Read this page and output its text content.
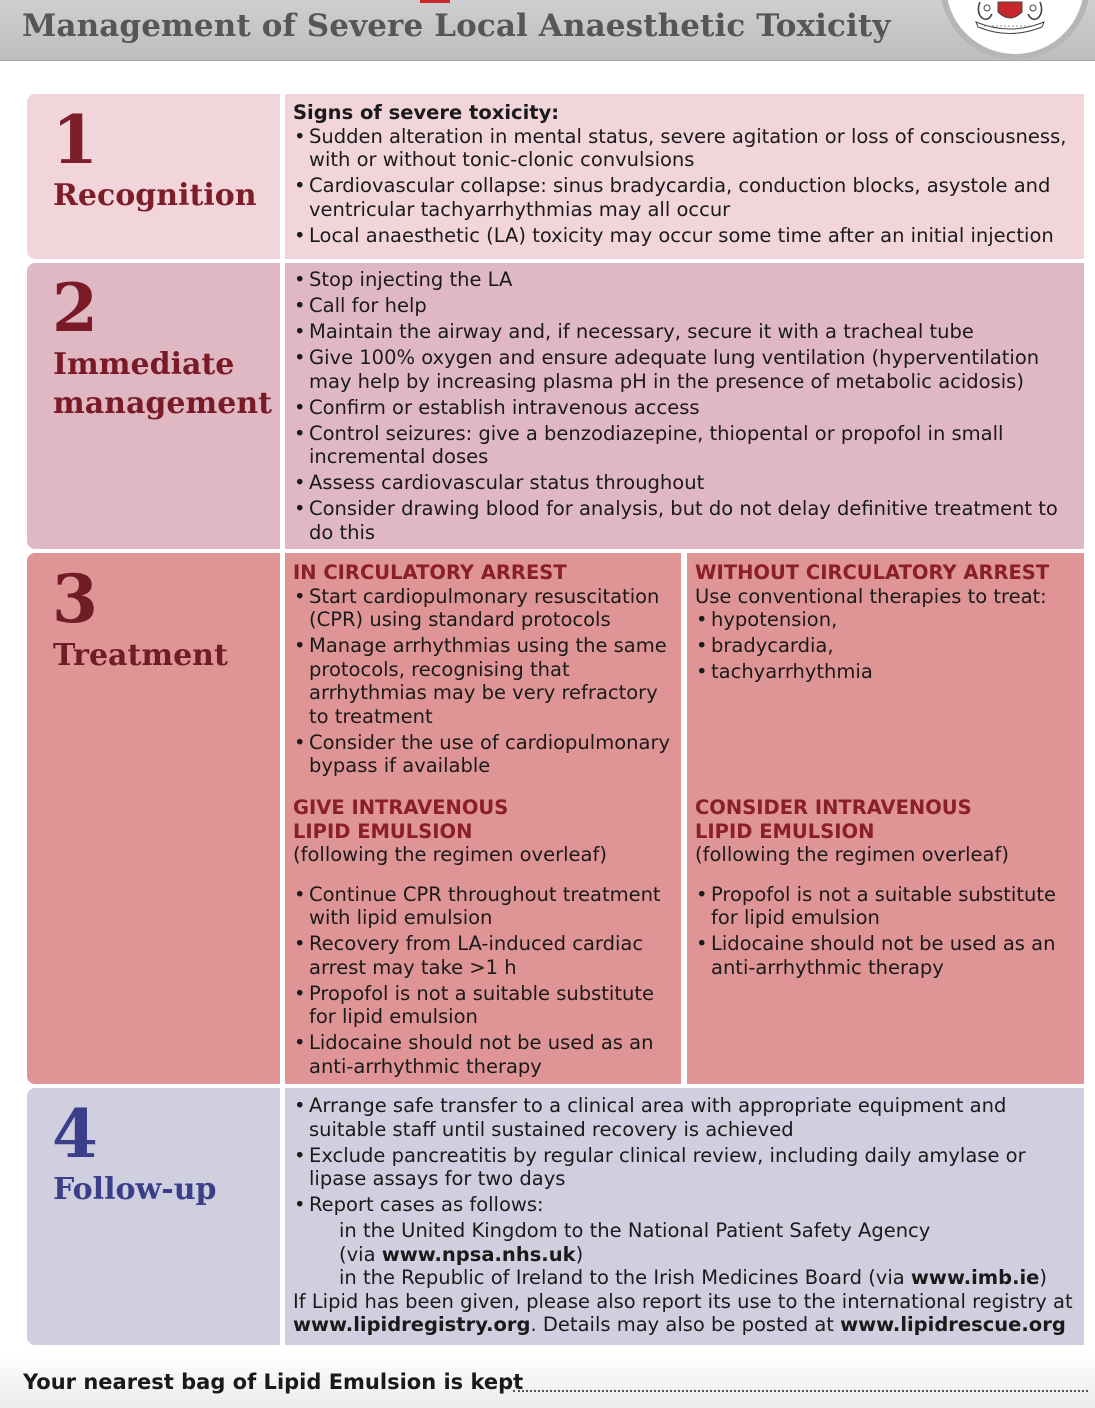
Management of Severe Local Anaesthetic Toxicity
1
Recognition
Signs of severe toxicity:
• Sudden alteration in mental status, severe agitation or loss of consciousness, with or without tonic-clonic convulsions
• Cardiovascular collapse: sinus bradycardia, conduction blocks, asystole and ventricular tachyarrhythmias may all occur
• Local anaesthetic (LA) toxicity may occur some time after an initial injection
2
Immediate
management
• Stop injecting the LA
• Call for help
• Maintain the airway and, if necessary, secure it with a tracheal tube
• Give 100% oxygen and ensure adequate lung ventilation (hyperventilation may help by increasing plasma pH in the presence of metabolic acidosis)
• Confirm or establish intravenous access
• Control seizures: give a benzodiazepine, thiopental or propofol in small incremental doses
• Assess cardiovascular status throughout
• Consider drawing blood for analysis, but do not delay definitive treatment to do this
3
Treatment
IN CIRCULATORY ARREST
• Start cardiopulmonary resuscitation (CPR) using standard protocols
• Manage arrhythmias using the same protocols, recognising that arrhythmias may be very refractory to treatment
• Consider the use of cardiopulmonary bypass if available
GIVE INTRAVENOUS
LIPID EMULSION
(following the regimen overleaf)
• Continue CPR throughout treatment with lipid emulsion
• Recovery from LA-induced cardiac arrest may take >1 h
• Propofol is not a suitable substitute for lipid emulsion
• Lidocaine should not be used as an anti-arrhythmic therapy
WITHOUT CIRCULATORY ARREST
Use conventional therapies to treat:
• hypotension,
• bradycardia,
• tachyarrhythmia
CONSIDER INTRAVENOUS
LIPID EMULSION
(following the regimen overleaf)
• Propofol is not a suitable substitute for lipid emulsion
• Lidocaine should not be used as an anti-arrhythmic therapy
4
Follow-up
• Arrange safe transfer to a clinical area with appropriate equipment and suitable staff until sustained recovery is achieved
• Exclude pancreatitis by regular clinical review, including daily amylase or lipase assays for two days
• Report cases as follows:
in the United Kingdom to the National Patient Safety Agency
(via www.npsa.nhs.uk)
in the Republic of Ireland to the Irish Medicines Board (via www.imb.ie)
If Lipid has been given, please also report its use to the international registry at
www.lipidregistry.org. Details may also be posted at www.lipidrescue.org
Your nearest bag of Lipid Emulsion is kept
